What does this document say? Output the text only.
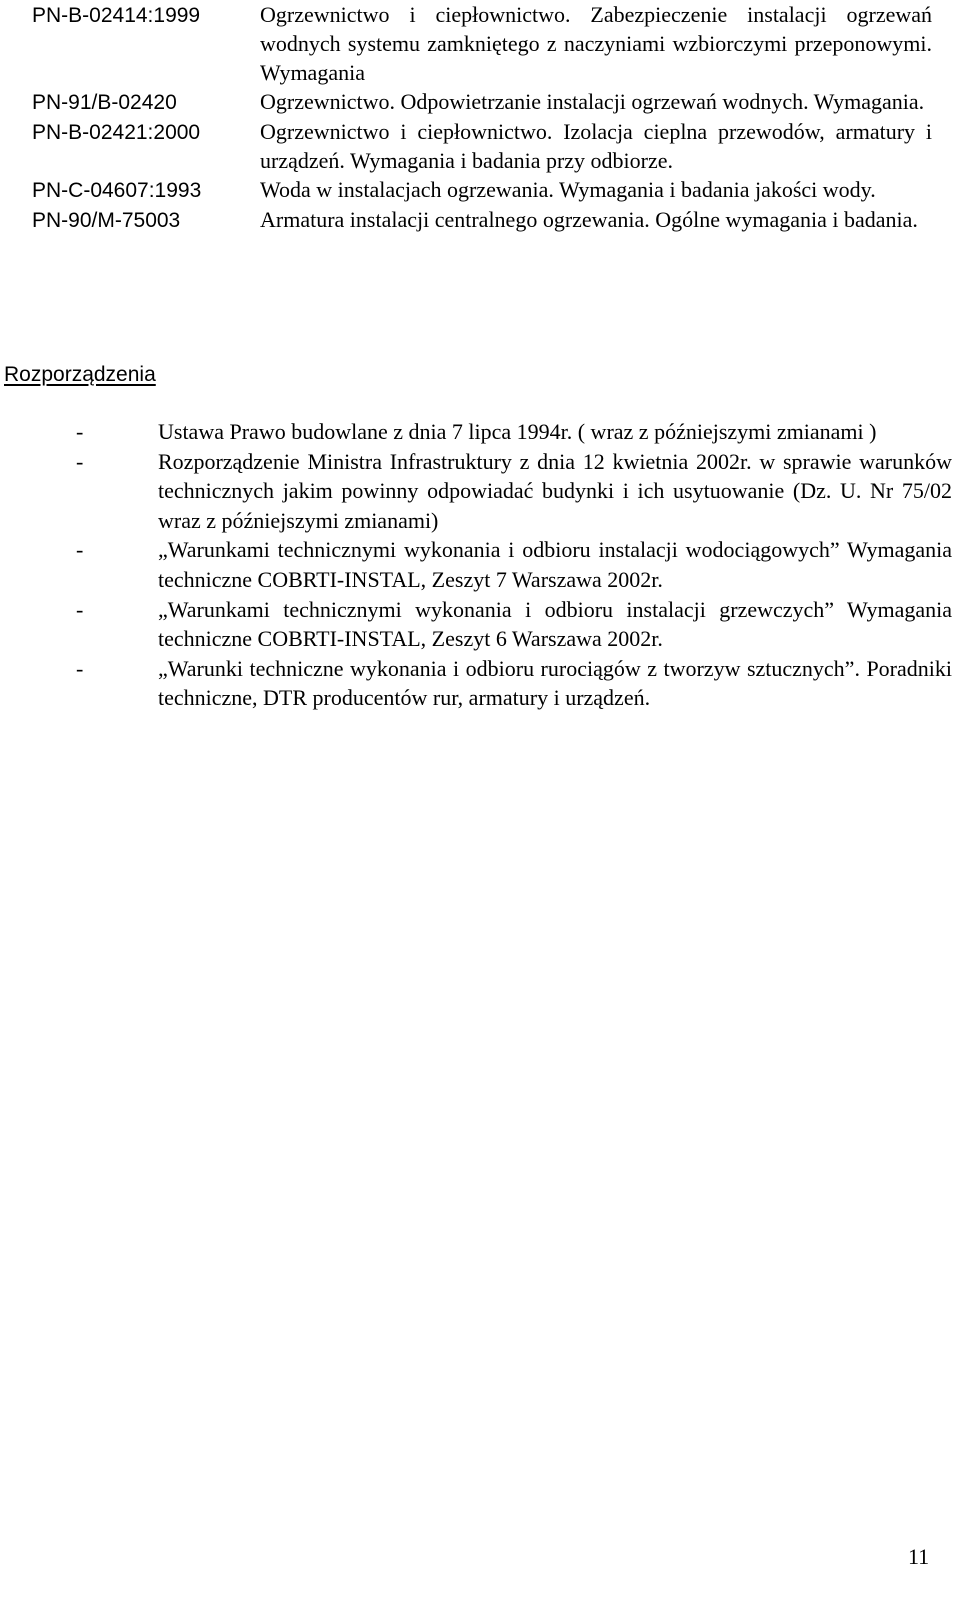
PN-B-02414:1999	Ogrzewnictwo i ciepłownictwo. Zabezpieczenie instalacji ogrzewań wodnych systemu zamkniętego z naczyniami wzbiorczymi przeponowymi. Wymagania
PN-91/B-02420	Ogrzewnictwo. Odpowietrzanie instalacji ogrzewań wodnych. Wymagania.
PN-B-02421:2000	Ogrzewnictwo i ciepłownictwo. Izolacja cieplna przewodów, armatury i urządzeń. Wymagania i badania przy odbiorze.
PN-C-04607:1993	Woda w instalacjach ogrzewania. Wymagania i badania jakości wody.
PN-90/M-75003	Armatura instalacji centralnego ogrzewania. Ogólne wymagania i badania.
Rozporządzenia
-	Ustawa Prawo budowlane z dnia 7 lipca 1994r. ( wraz z późniejszymi zmianami )
-	Rozporządzenie Ministra Infrastruktury z dnia 12 kwietnia 2002r. w sprawie warunków technicznych jakim powinny odpowiadać budynki i ich usytuowanie (Dz. U. Nr 75/02 wraz z późniejszymi zmianami)
-	„Warunkami technicznymi wykonania i odbioru instalacji wodociągowych” Wymagania techniczne COBRTI-INSTAL, Zeszyt 7 Warszawa 2002r.
-	„Warunkami technicznymi wykonania i odbioru instalacji grzewczych” Wymagania techniczne COBRTI-INSTAL, Zeszyt 6 Warszawa 2002r.
-	„Warunki techniczne wykonania i odbioru rurociągów z tworzyw sztucznych”. Poradniki techniczne, DTR producentów rur, armatury i urządzeń.
11
